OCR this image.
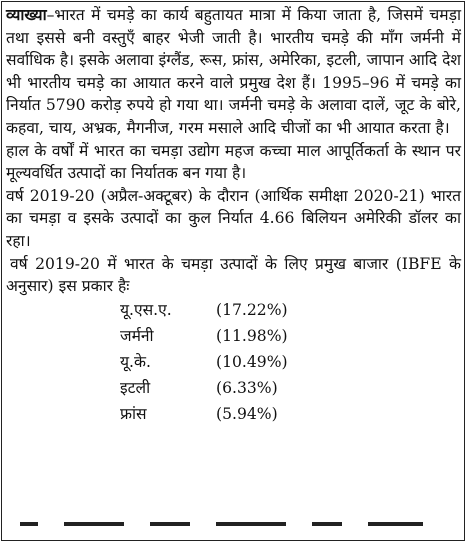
व्याख्या–भारत में चमड़े का कार्य बहुतायत मात्रा में किया जाता है, जिसमें चमड़ा तथा इससे बनी वस्तुएँ बाहर भेजी जाती है। भारतीय चमड़े की माँग जर्मनी में सर्वाधिक है। इसके अलावा इंग्लैंड, रूस, फ्रांस, अमेरिका, इटली, जापान आदि देश भी भारतीय चमड़े का आयात करने वाले प्रमुख देश हैं। 1995–96 में चमड़े का निर्यात 5790 करोड़ रुपये हो गया था। जर्मनी चमड़े के अलावा दालें, जूट के बोरे, कहवा, चाय, अभ्रक, मैगनीज, गरम मसाले आदि चीजों का भी आयात करता है।

हाल के वर्षों में भारत का चमड़ा उद्योग महज कच्चा माल आपूर्तिकर्ता के स्थान पर मूल्यवर्धित उत्पादों का निर्यातक बन गया है।

वर्ष 2019-20 (अप्रैल-अक्टूबर) के दौरान (आर्थिक समीक्षा 2020-21) भारत का चमड़ा व इसके उत्पादों का कुल निर्यात 4.66 बिलियन अमेरिकी डॉलर का रहा।

वर्ष 2019-20 में भारत के चमड़ा उत्पादों के लिए प्रमुख बाजार (IBFE के अनुसार) इस प्रकार हैः

यू.एस.ए.	(17.22%)
जर्मनी	(11.98%)
यू.के.	(10.49%)
इटली	(6.33%)
फ्रांस	(5.94%)
